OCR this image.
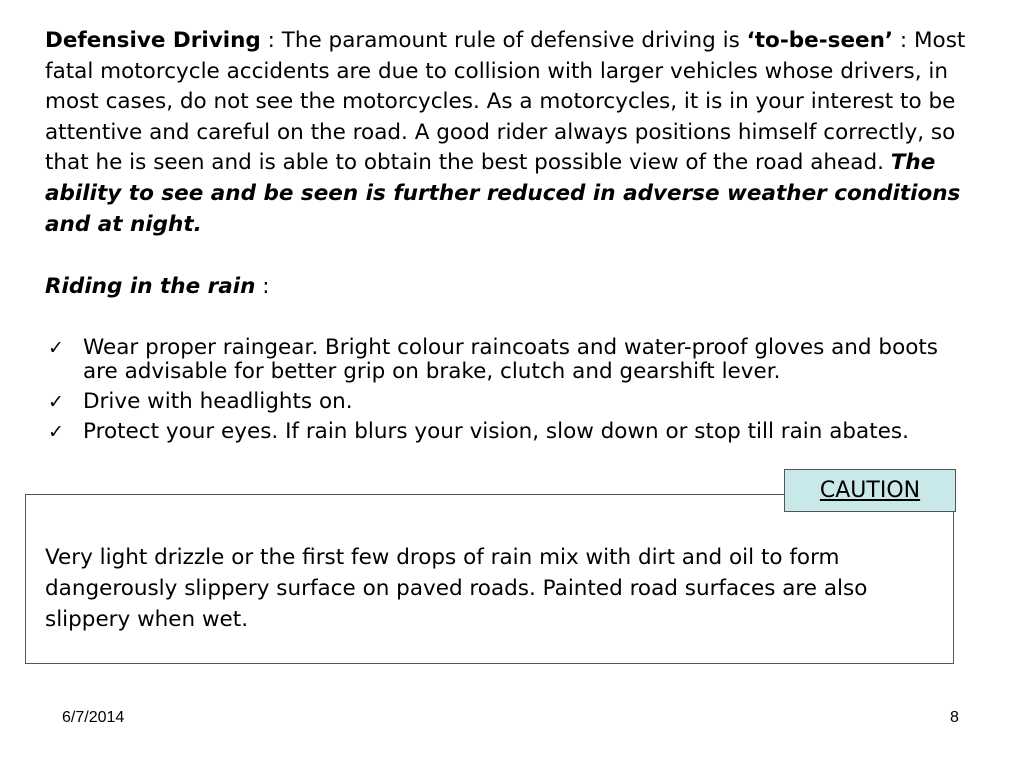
Defensive Driving : The paramount rule of defensive driving is ‘to-be-seen’ : Most fatal motorcycle accidents are due to collision with larger vehicles whose drivers, in most cases, do not see the motorcycles. As a motorcycles, it is in your interest to be attentive and careful on the road. A good rider always positions himself correctly, so that he is seen and is able to obtain the best possible view of the road ahead. The ability to see and be seen is further reduced in adverse weather conditions and at night.

Riding in the rain :

✓ Wear proper raingear. Bright colour raincoats and water-proof gloves and boots are advisable for better grip on brake, clutch and gearshift lever.
✓ Drive with headlights on.
✓ Protect your eyes. If rain blurs your vision, slow down or stop till rain abates.

Very light drizzle or the first few drops of rain mix with dirt and oil to form dangerously slippery surface on paved roads. Painted road surfaces are also slippery when wet.

CAUTION
6/7/2014	8
